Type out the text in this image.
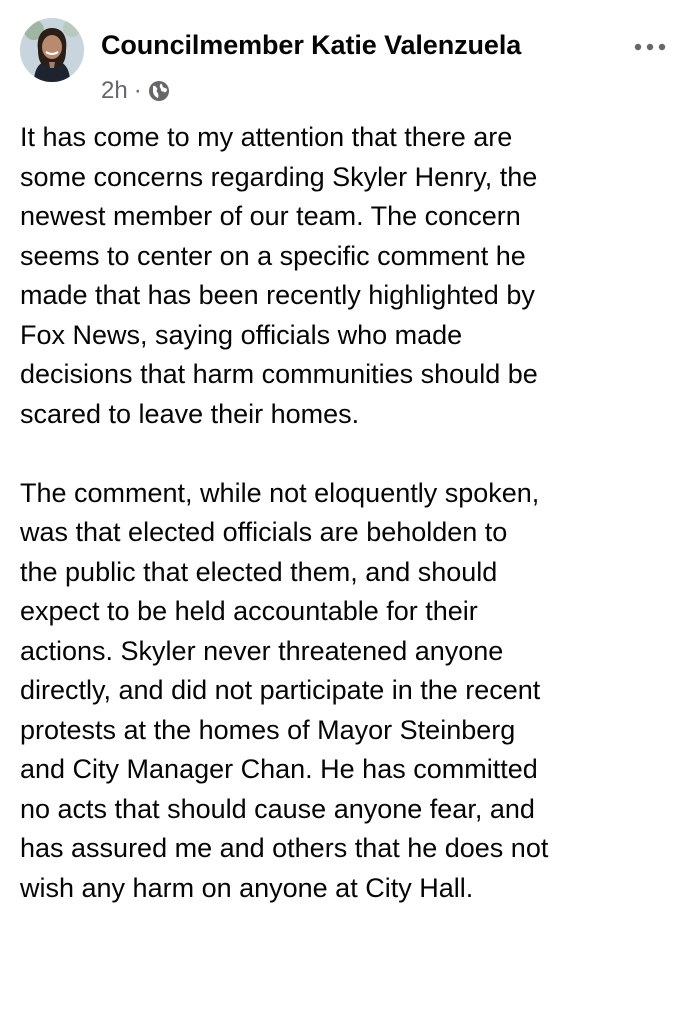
Councilmember Katie Valenzuela
2h ·

It has come to my attention that there are
some concerns regarding Skyler Henry, the
newest member of our team. The concern
seems to center on a specific comment he
made that has been recently highlighted by
Fox News, saying officials who made
decisions that harm communities should be
scared to leave their homes.

The comment, while not eloquently spoken,
was that elected officials are beholden to
the public that elected them, and should
expect to be held accountable for their
actions. Skyler never threatened anyone
directly, and did not participate in the recent
protests at the homes of Mayor Steinberg
and City Manager Chan. He has committed
no acts that should cause anyone fear, and
has assured me and others that he does not
wish any harm on anyone at City Hall.
